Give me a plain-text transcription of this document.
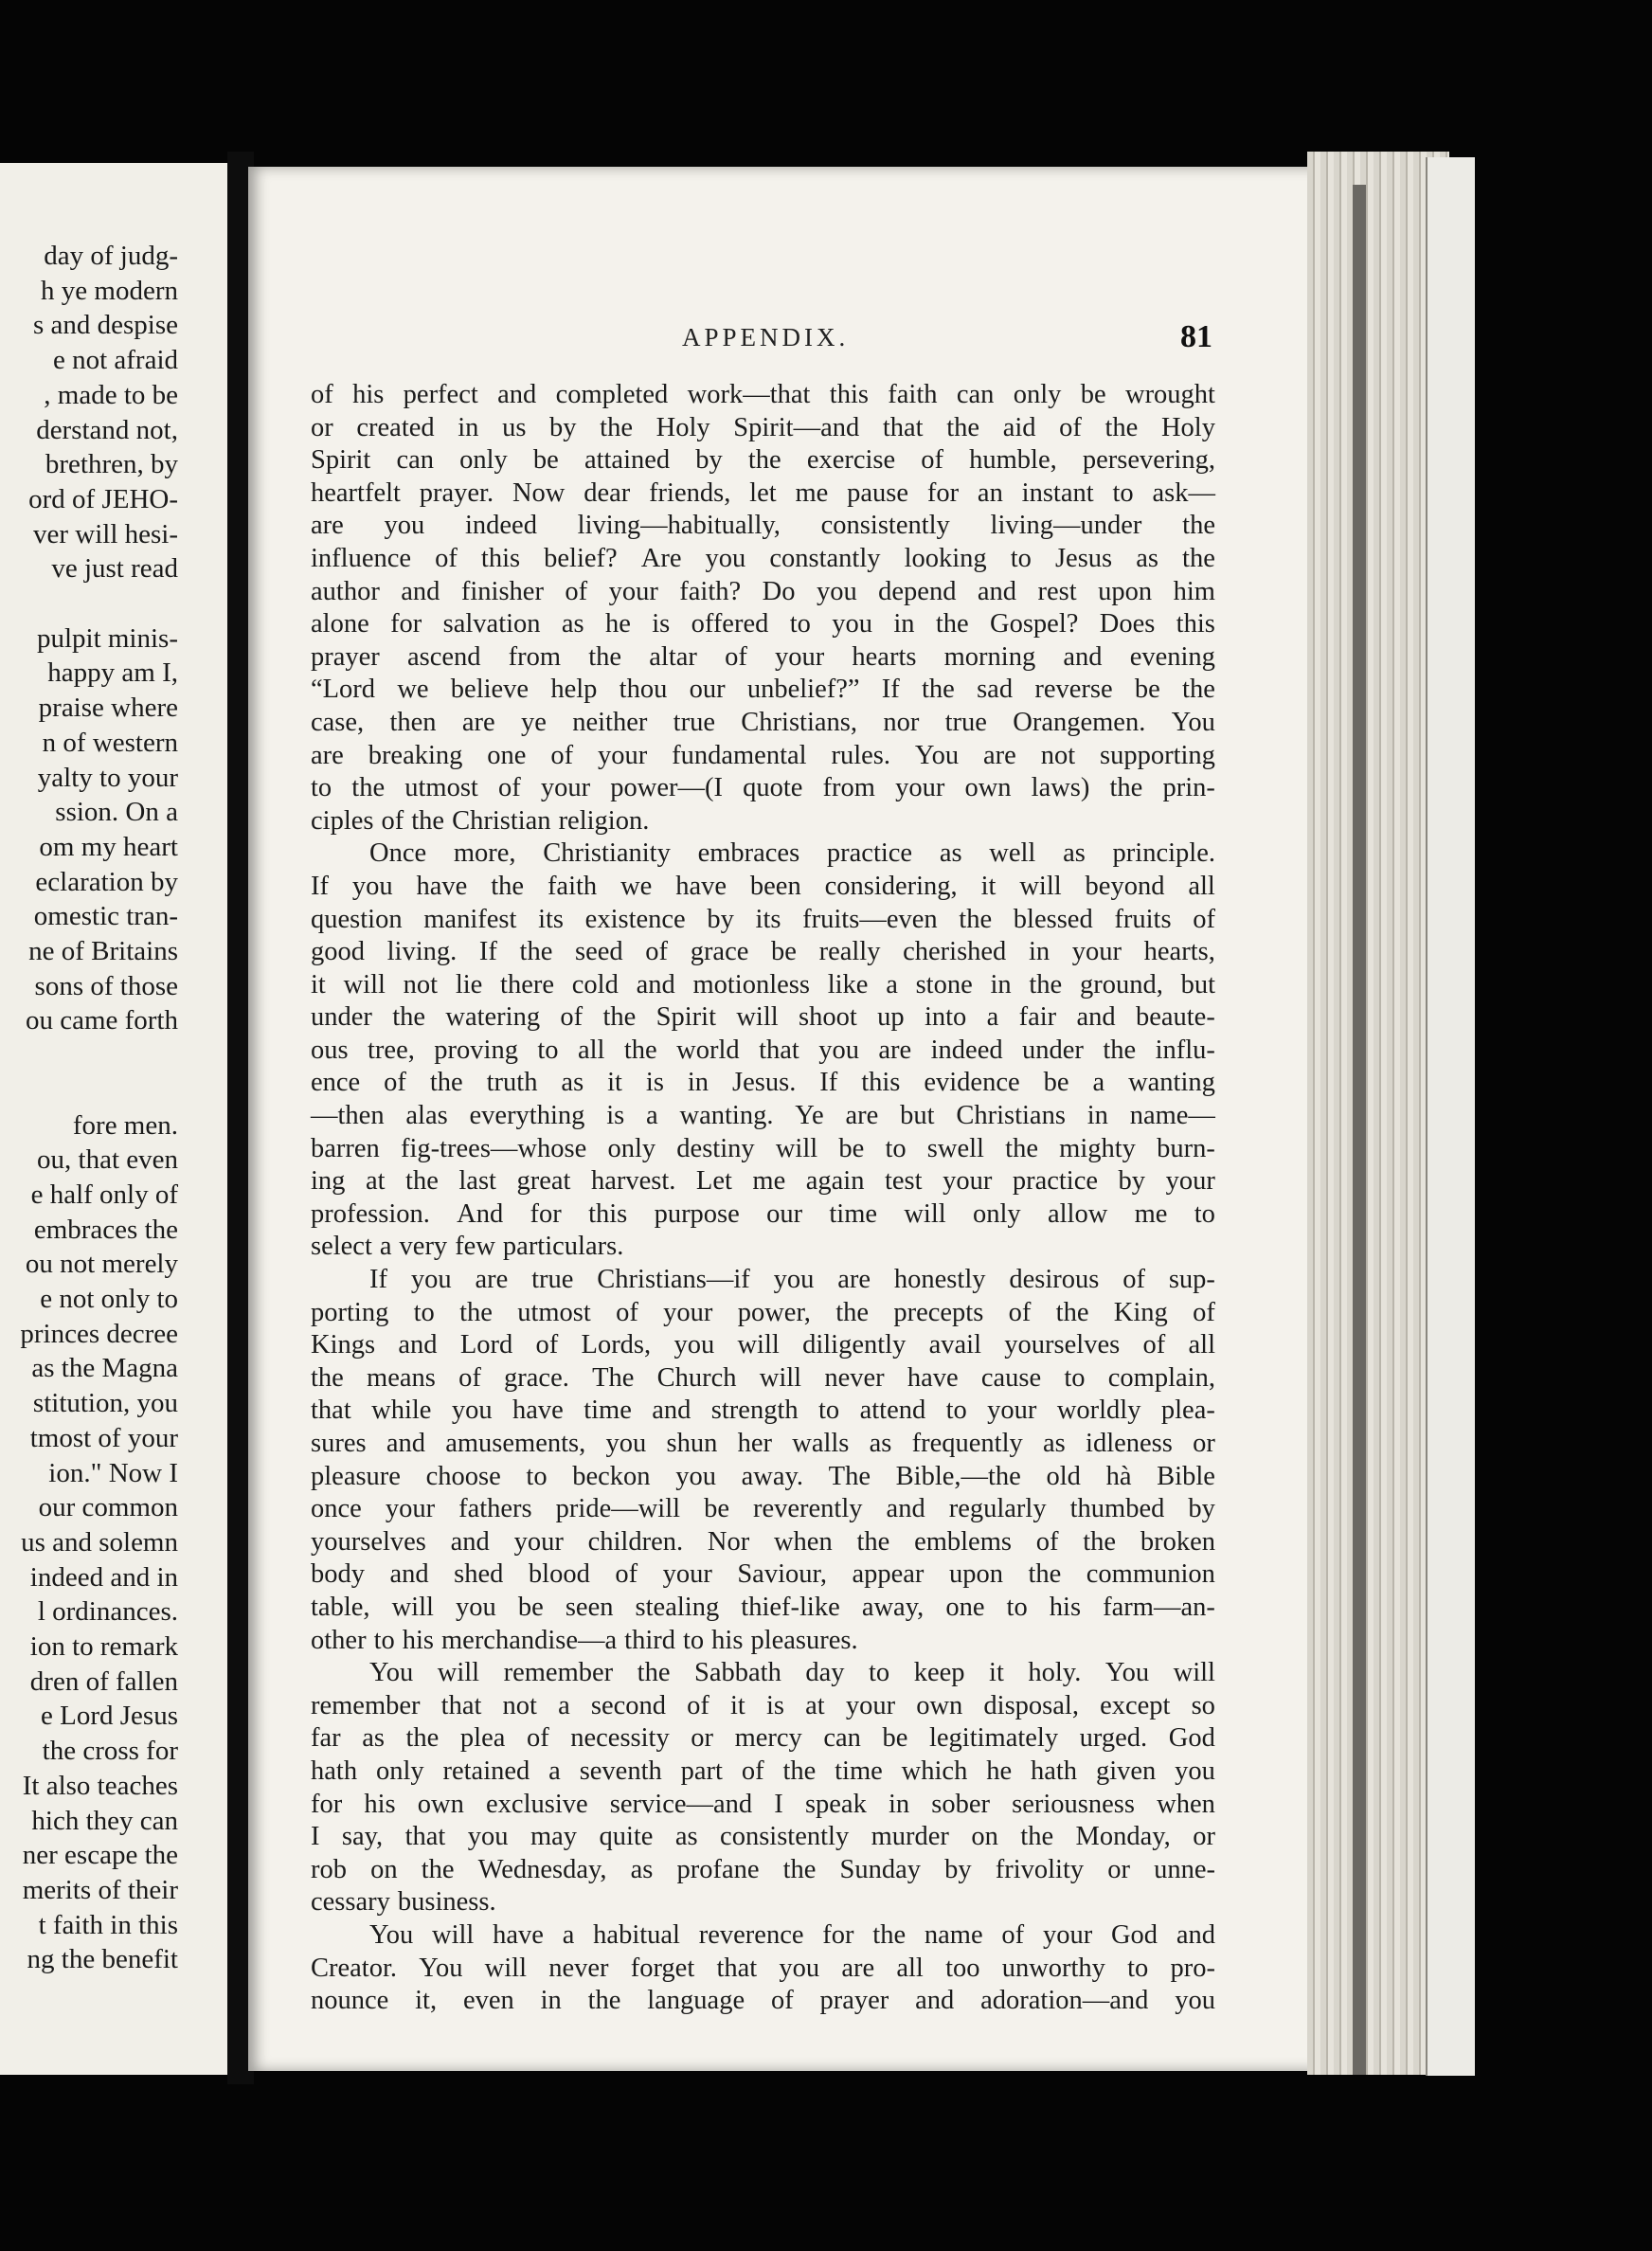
day of judg-
h ye modern
s and despise
e not afraid
, made to be
derstand not,
brethren, by
ord of JEHO-
ver will hesi-
ve just read
pulpit minis-
happy am I,
praise where
n of western
yalty to your
ssion. On a
om my heart
eclaration by
omestic tran-
ne of Britains
sons of those
ou came forth
fore men.
ou, that even
e half only of
embraces the
ou not merely
e not only to
princes decree
as the Magna
stitution, you
tmost of your
ion." Now I
our common
us and solemn
indeed and in
l ordinances.
ion to remark
dren of fallen
e Lord Jesus
the cross for
It also teaches
hich they can
ner escape the
merits of their
t faith in this
ng the benefit
APPENDIX.	81
of his perfect and completed work—that this faith can only be wrought
or created in us by the Holy Spirit—and that the aid of the Holy
Spirit can only be attained by the exercise of humble, persevering,
heartfelt prayer. Now dear friends, let me pause for an instant to ask—
are you indeed living—habitually, consistently living—under the
influence of this belief? Are you constantly looking to Jesus as the
author and finisher of your faith? Do you depend and rest upon him
alone for salvation as he is offered to you in the Gospel? Does this
prayer ascend from the altar of your hearts morning and evening
“Lord we believe help thou our unbelief?” If the sad reverse be the
case, then are ye neither true Christians, nor true Orangemen. You
are breaking one of your fundamental rules. You are not supporting
to the utmost of your power—(I quote from your own laws) the prin-
ciples of the Christian religion.
Once more, Christianity embraces practice as well as principle.
If you have the faith we have been considering, it will beyond all
question manifest its existence by its fruits—even the blessed fruits of
good living. If the seed of grace be really cherished in your hearts,
it will not lie there cold and motionless like a stone in the ground, but
under the watering of the Spirit will shoot up into a fair and beaute-
ous tree, proving to all the world that you are indeed under the influ-
ence of the truth as it is in Jesus. If this evidence be a wanting
—then alas everything is a wanting. Ye are but Christians in name—
barren fig-trees—whose only destiny will be to swell the mighty burn-
ing at the last great harvest. Let me again test your practice by your
profession. And for this purpose our time will only allow me to
select a very few particulars.
If you are true Christians—if you are honestly desirous of sup-
porting to the utmost of your power, the precepts of the King of
Kings and Lord of Lords, you will diligently avail yourselves of all
the means of grace. The Church will never have cause to complain,
that while you have time and strength to attend to your worldly plea-
sures and amusements, you shun her walls as frequently as idleness or
pleasure choose to beckon you away. The Bible,—the old hà Bible
once your fathers pride—will be reverently and regularly thumbed by
yourselves and your children. Nor when the emblems of the broken
body and shed blood of your Saviour, appear upon the communion
table, will you be seen stealing thief-like away, one to his farm—an-
other to his merchandise—a third to his pleasures.
You will remember the Sabbath day to keep it holy. You will
remember that not a second of it is at your own disposal, except so
far as the plea of necessity or mercy can be legitimately urged. God
hath only retained a seventh part of the time which he hath given you
for his own exclusive service—and I speak in sober seriousness when
I say, that you may quite as consistently murder on the Monday, or
rob on the Wednesday, as profane the Sunday by frivolity or unne-
cessary business.
You will have a habitual reverence for the name of your God and
Creator. You will never forget that you are all too unworthy to pro-
nounce it, even in the language of prayer and adoration—and you
